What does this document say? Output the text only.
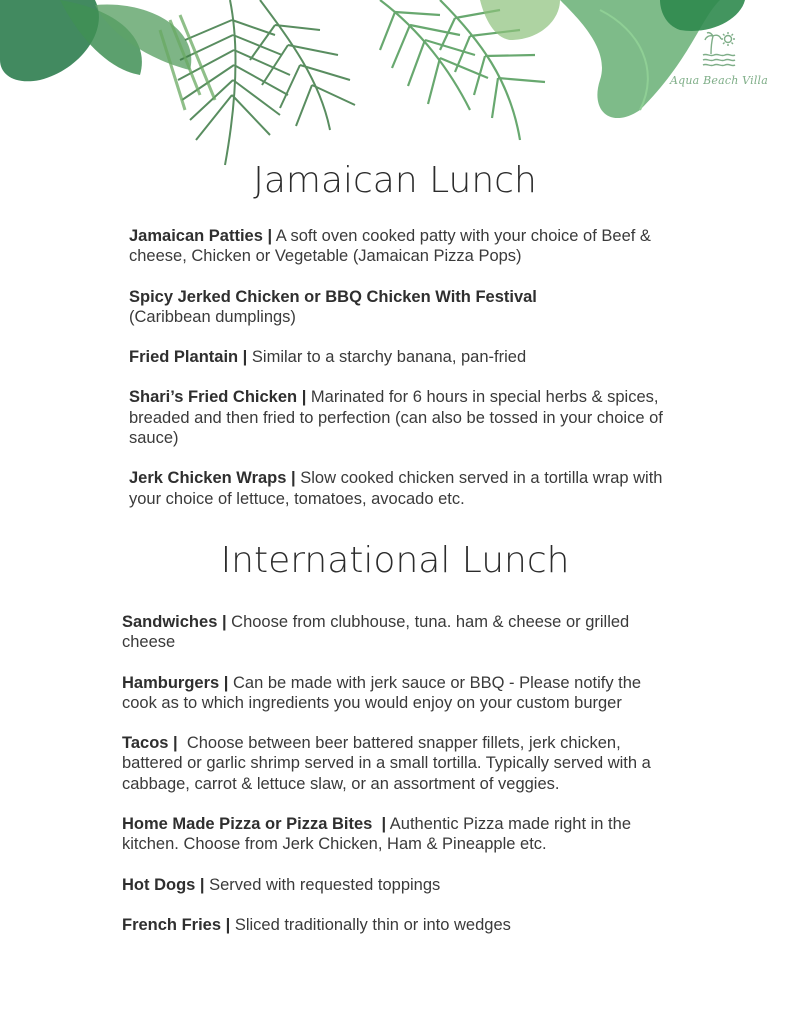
Aqua Beach Villa
Jamaican Lunch
Jamaican Patties | A soft oven cooked patty with your choice of Beef & cheese, Chicken or Vegetable (Jamaican Pizza Pops)
Spicy Jerked Chicken or BBQ Chicken With Festival
(Caribbean dumplings)
Fried Plantain | Similar to a starchy banana, pan-fried
Shari’s Fried Chicken | Marinated for 6 hours in special herbs & spices, breaded and then fried to perfection (can also be tossed in your choice of sauce)
Jerk Chicken Wraps | Slow cooked chicken served in a tortilla wrap with your choice of lettuce, tomatoes, avocado etc.
International Lunch
Sandwiches | Choose from clubhouse, tuna. ham & cheese or grilled cheese
Hamburgers | Can be made with jerk sauce or BBQ - Please notify the cook as to which ingredients you would enjoy on your custom burger
Tacos |  Choose between beer battered snapper fillets, jerk chicken, battered or garlic shrimp served in a small tortilla. Typically served with a cabbage, carrot & lettuce slaw, or an assortment of veggies.
Home Made Pizza or Pizza Bites  | Authentic Pizza made right in the kitchen. Choose from Jerk Chicken, Ham & Pineapple etc.
Hot Dogs | Served with requested toppings
French Fries | Sliced traditionally thin or into wedges
